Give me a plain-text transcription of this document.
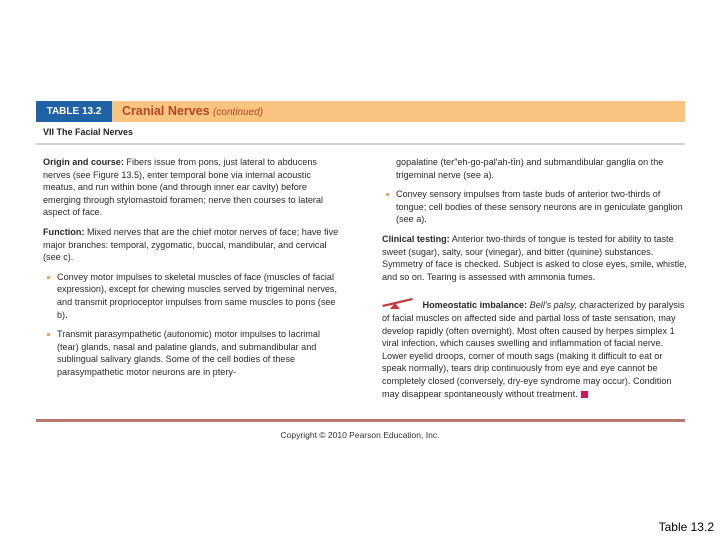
TABLE 13.2	Cranial Nerves (continued)
VII The Facial Nerves

Origin and course: Fibers issue from pons, just lateral to abducens nerves (see Figure 13.5), enter temporal bone via internal acoustic meatus, and run within bone (and through inner ear cavity) before emerging through stylomastoid foramen; nerve then courses to lateral aspect of face.

Function: Mixed nerves that are the chief motor nerves of face; have five major branches: temporal, zygomatic, buccal, mandibular, and cervical (see c).

Convey motor impulses to skeletal muscles of face (muscles of facial expression), except for chewing muscles served by trigeminal nerves, and transmit proprioceptor impulses from same muscles to pons (see b).

Transmit parasympathetic (autonomic) motor impulses to lacrimal (tear) glands, nasal and palatine glands, and submandibular and sublingual salivary glands. Some of the cell bodies of these parasympathetic motor neurons are in ptery-

gopalatine (ter″eh-go-pal′ah-tīn) and submandibular ganglia on the trigeminal nerve (see a).

Convey sensory impulses from taste buds of anterior two-thirds of tongue; cell bodies of these sensory neurons are in geniculate ganglion (see a).

Clinical testing: Anterior two-thirds of tongue is tested for ability to taste sweet (sugar), salty, sour (vinegar), and bitter (quinine) substances. Symmetry of face is checked. Subject is asked to close eyes, smile, whistle, and so on. Tearing is assessed with ammonia fumes.

Homeostatic imbalance: Bell's palsy, characterized by paralysis of facial muscles on affected side and partial loss of taste sensation, may develop rapidly (often overnight). Most often caused by herpes simplex 1 viral infection, which causes swelling and inflammation of facial nerve. Lower eyelid droops, corner of mouth sags (making it difficult to eat or speak normally), tears drip continuously from eye and eye cannot be completely closed (conversely, dry-eye syndrome may occur). Condition may disappear spontaneously without treatment.

Copyright © 2010 Pearson Education, Inc.
Table 13.2
